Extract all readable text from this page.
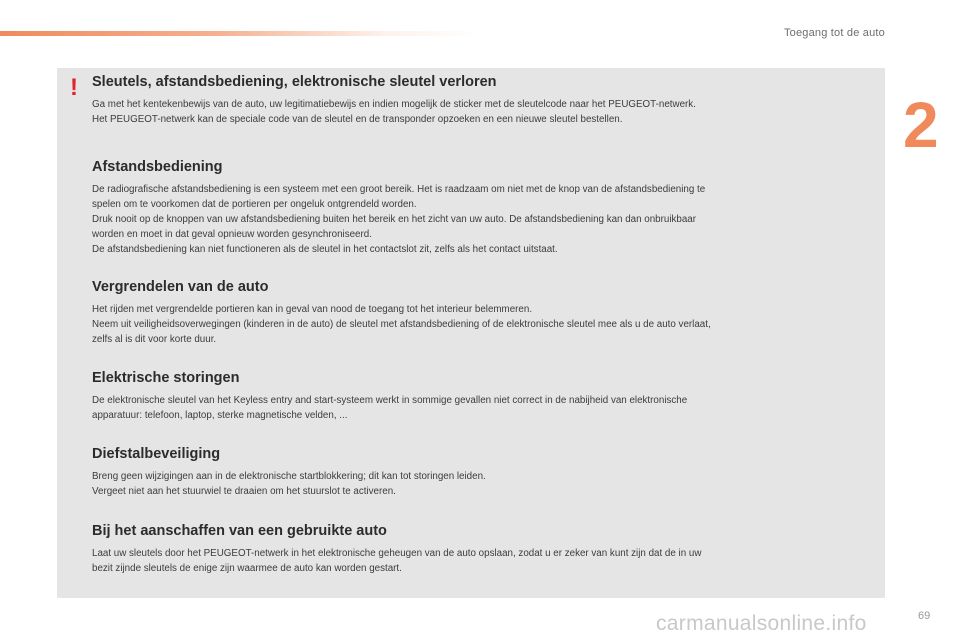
Toegang tot de auto
2
! Sleutels, afstandsbediening, elektronische sleutel verloren

Ga met het kentekenbewijs van de auto, uw legitimatiebewijs en indien mogelijk de sticker met de sleutelcode naar het PEUGEOT-netwerk.
Het PEUGEOT-netwerk kan de speciale code van de sleutel en de transponder opzoeken en een nieuwe sleutel bestellen.

Afstandsbediening

De radiografische afstandsbediening is een systeem met een groot bereik. Het is raadzaam om niet met de knop van de afstandsbediening te
spelen om te voorkomen dat de portieren per ongeluk ontgrendeld worden.
Druk nooit op de knoppen van uw afstandsbediening buiten het bereik en het zicht van uw auto. De afstandsbediening kan dan onbruikbaar
worden en moet in dat geval opnieuw worden gesynchroniseerd.
De afstandsbediening kan niet functioneren als de sleutel in het contactslot zit, zelfs als het contact uitstaat.

Vergrendelen van de auto

Het rijden met vergrendelde portieren kan in geval van nood de toegang tot het interieur belemmeren.
Neem uit veiligheidsoverwegingen (kinderen in de auto) de sleutel met afstandsbediening of de elektronische sleutel mee als u de auto verlaat,
zelfs al is dit voor korte duur.

Elektrische storingen

De elektronische sleutel van het Keyless entry and start-systeem werkt in sommige gevallen niet correct in de nabijheid van elektronische
apparatuur: telefoon, laptop, sterke magnetische velden, ...

Diefstalbeveiliging

Breng geen wijzigingen aan in de elektronische startblokkering; dit kan tot storingen leiden.
Vergeet niet aan het stuurwiel te draaien om het stuurslot te activeren.

Bij het aanschaffen van een gebruikte auto

Laat uw sleutels door het PEUGEOT-netwerk in het elektronische geheugen van de auto opslaan, zodat u er zeker van kunt zijn dat de in uw
bezit zijnde sleutels de enige zijn waarmee de auto kan worden gestart.

carmanualsonline.info	69
